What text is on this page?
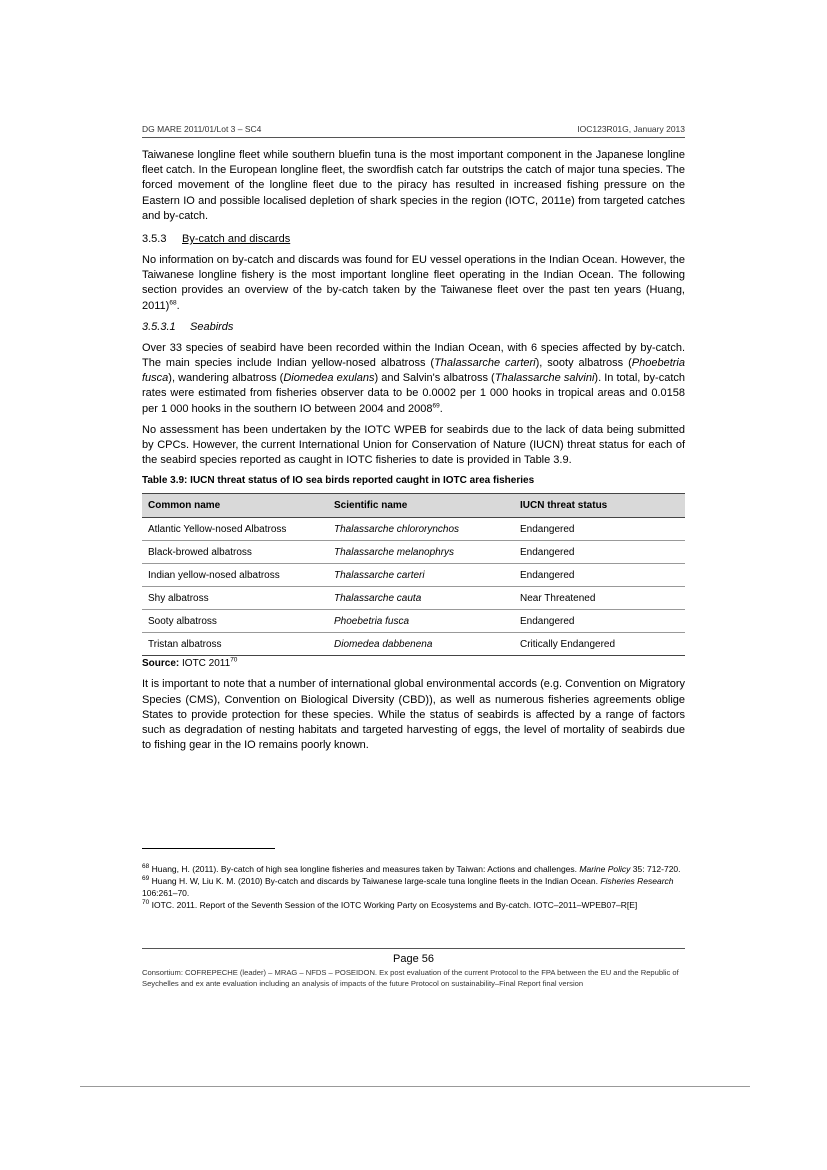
DG MARE 2011/01/Lot 3 – SC4	IOC123R01G, January 2013

Taiwanese longline fleet while southern bluefin tuna is the most important component in the Japanese longline fleet catch. In the European longline fleet, the swordfish catch far outstrips the catch of major tuna species. The forced movement of the longline fleet due to the piracy has resulted in increased fishing pressure on the Eastern IO and possible localised depletion of shark species in the region (IOTC, 2011e) from targeted catches and by-catch.

3.5.3 By-catch and discards

No information on by-catch and discards was found for EU vessel operations in the Indian Ocean. However, the Taiwanese longline fishery is the most important longline fleet operating in the Indian Ocean. The following section provides an overview of the by-catch taken by the Taiwanese fleet over the past ten years (Huang, 2011)$^{68}$.

3.5.3.1 Seabirds

Over 33 species of seabird have been recorded within the Indian Ocean, with 6 species affected by by-catch. The main species include Indian yellow-nosed albatross (Thalassarche carteri), sooty albatross (Phoebetria fusca), wandering albatross (Diomedea exulans) and Salvin's albatross (Thalassarche salvini). In total, by-catch rates were estimated from fisheries observer data to be 0.0002 per 1 000 hooks in tropical areas and 0.0158 per 1 000 hooks in the southern IO between 2004 and 2008$^{69}$.

No assessment has been undertaken by the IOTC WPEB for seabirds due to the lack of data being submitted by CPCs. However, the current International Union for Conservation of Nature (IUCN) threat status for each of the seabird species reported as caught in IOTC fisheries to date is provided in Table 3.9.

Table 3.9: IUCN threat status of IO sea birds reported caught in IOTC area fisheries
Common name	Scientific name	IUCN threat status
Atlantic Yellow-nosed Albatross	Thalassarche chlororynchos	Endangered
Black-browed albatross	Thalassarche melanophrys	Endangered
Indian yellow-nosed albatross	Thalassarche carteri	Endangered
Shy albatross	Thalassarche cauta	Near Threatened
Sooty albatross	Phoebetria fusca	Endangered
Tristan albatross	Diomedea dabbenena	Critically Endangered
Source: IOTC 2011$^{70}$

It is important to note that a number of international global environmental accords (e.g. Convention on Migratory Species (CMS), Convention on Biological Diversity (CBD)), as well as numerous fisheries agreements oblige States to provide protection for these species. While the status of seabirds is affected by a range of factors such as degradation of nesting habitats and targeted harvesting of eggs, the level of mortality of seabirds due to fishing gear in the IO remains poorly known.

$^{68}$ Huang, H. (2011). By-catch of high sea longline fisheries and measures taken by Taiwan: Actions and challenges. Marine Policy 35: 712-720.
$^{69}$ Huang H. W, Liu K. M. (2010) By-catch and discards by Taiwanese large-scale tuna longline fleets in the Indian Ocean. Fisheries Research 106:261–70.
$^{70}$ IOTC. 2011. Report of the Seventh Session of the IOTC Working Party on Ecosystems and By-catch. IOTC–2011–WPEB07–R[E]
Page 56
Consortium: COFREPECHE (leader) – MRAG – NFDS – POSEIDON. Ex post evaluation of the current Protocol to the FPA between the EU and the Republic of Seychelles and ex ante evaluation including an analysis of impacts of the future Protocol on sustainability–Final Report final version
